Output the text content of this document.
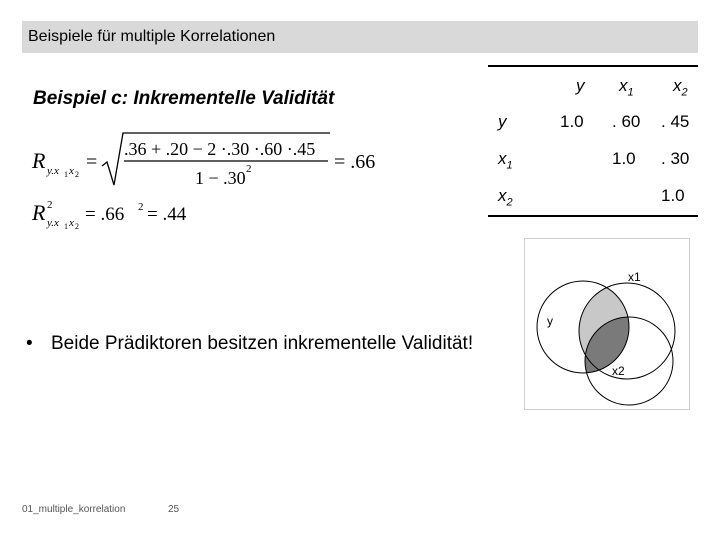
Beispiele für multiple Korrelationen
Beispiel c: Inkrementelle Validität
R y.x 1 x 2
=
.36 + .20 − 2 ·.30 ·.60 ·.45
1 − .30 2	= .66
R 2
y.x 1 x 2
= .66 2 = .44
y $x_1$ $x_2$
y
$x_1$
$x_2$
1.0 . 60 . 45
1.0 . 30
1.0
x1
y
x2
• Beide Prädiktoren besitzen inkrementelle Validität!
01_multiple_korrelation	25
